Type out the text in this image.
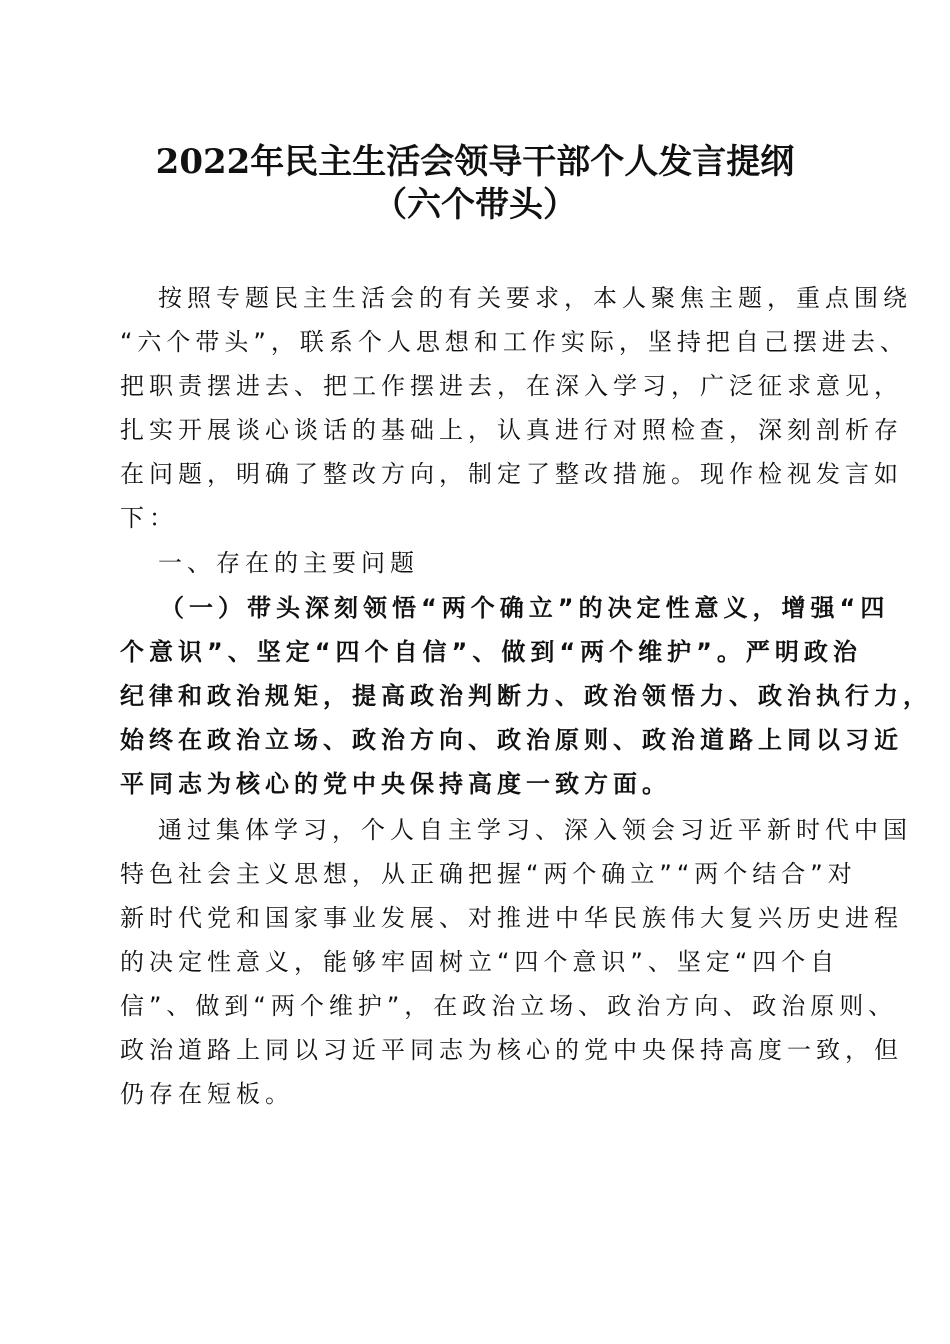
2022年民主生活会领导干部个人发言提纲
（六个带头）

按照专题民主生活会的有关要求，本人聚焦主题，重点围绕

“六个带头”，联系个人思想和工作实际，坚持把自己摆进去、

把职责摆进去、把工作摆进去，在深入学习，广泛征求意见，

扎实开展谈心谈话的基础上，认真进行对照检查，深刻剖析存

在问题，明确了整改方向，制定了整改措施。现作检视发言如

下：

一、存在的主要问题

（一）带头深刻领悟“两个确立”的决定性意义，增强“四

个意识”、坚定“四个自信”、做到“两个维护”。严明政治

纪律和政治规矩，提高政治判断力、政治领悟力、政治执行力，

始终在政治立场、政治方向、政治原则、政治道路上同以习近

平同志为核心的党中央保持高度一致方面。

通过集体学习，个人自主学习、深入领会习近平新时代中国

特色社会主义思想，从正确把握“两个确立”“两个结合”对

新时代党和国家事业发展、对推进中华民族伟大复兴历史进程

的决定性意义，能够牢固树立“四个意识”、坚定“四个自

信”、做到“两个维护”，在政治立场、政治方向、政治原则、

政治道路上同以习近平同志为核心的党中央保持高度一致，但

仍存在短板。
